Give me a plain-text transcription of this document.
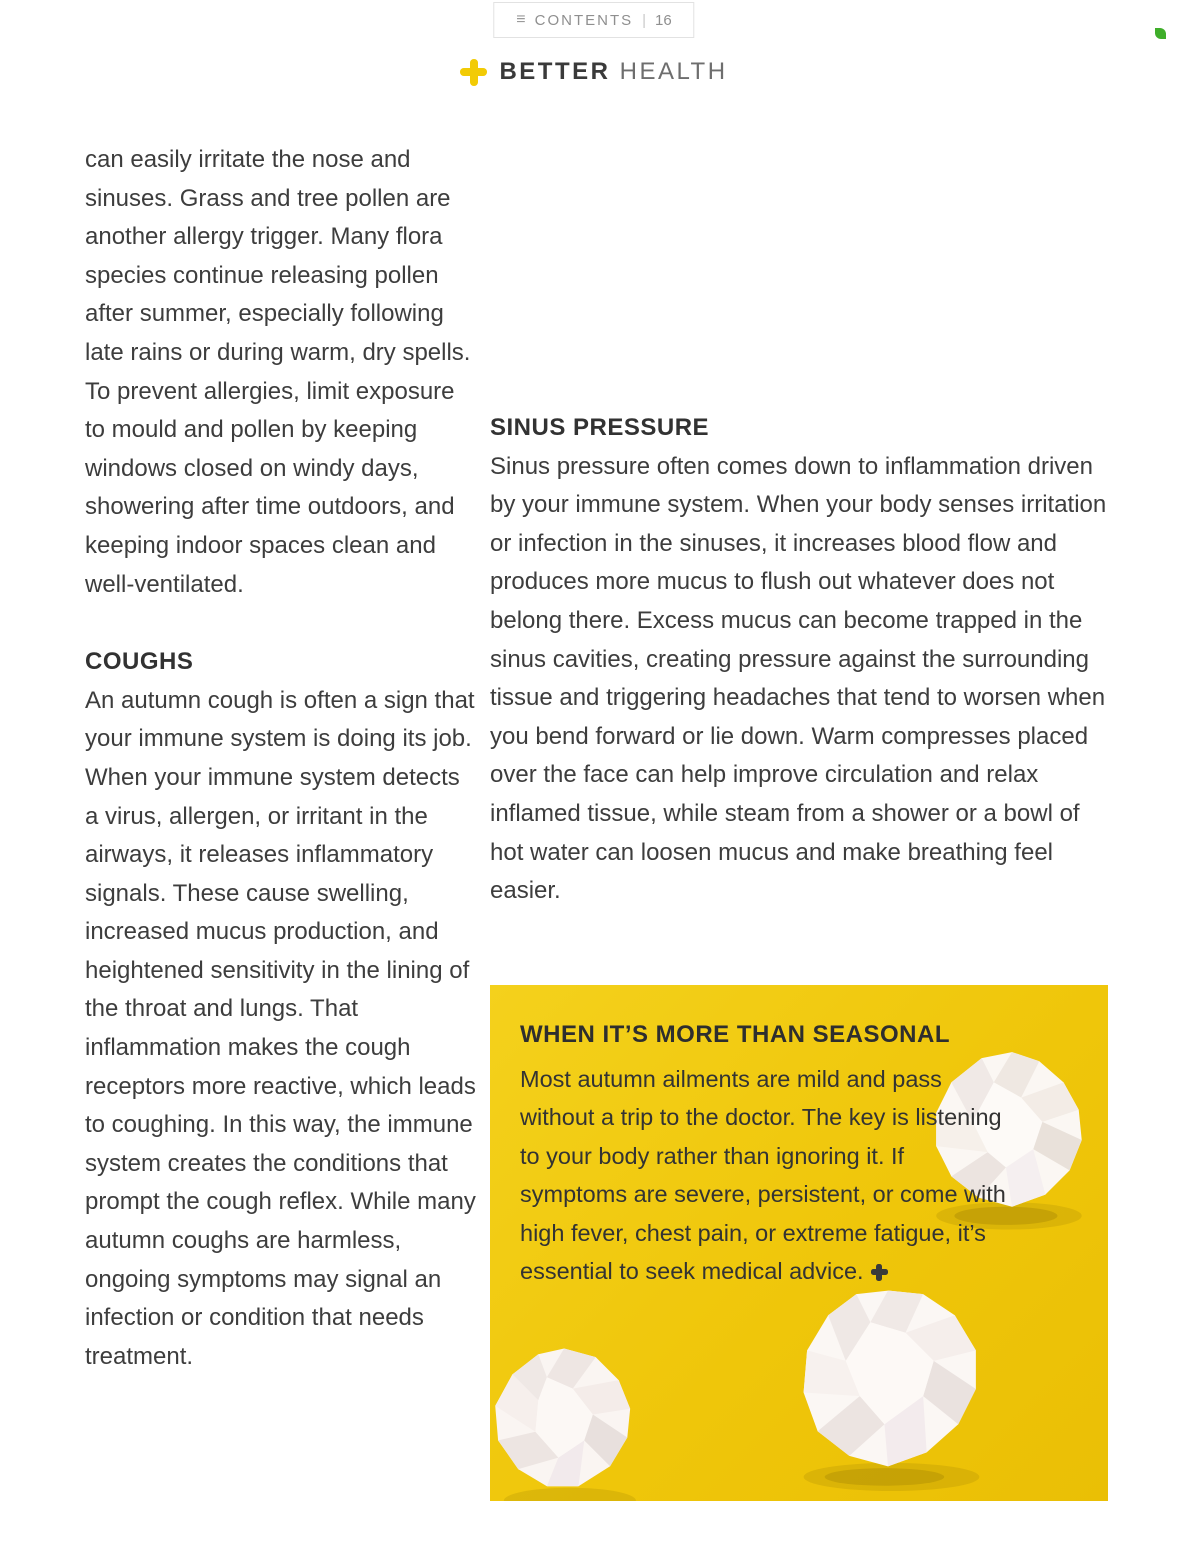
≡ CONTENTS | 16
BETTER HEALTH

can easily irritate the nose and sinuses. Grass and tree pollen are another allergy trigger. Many flora species continue releasing pollen after summer, especially following late rains or during warm, dry spells. To prevent allergies, limit exposure to mould and pollen by keeping windows closed on windy days, showering after time outdoors, and keeping indoor spaces clean and well-ventilated.

COUGHS

An autumn cough is often a sign that your immune system is doing its job. When your immune system detects a virus, allergen, or irritant in the airways, it releases inflammatory signals. These cause swelling, increased mucus production, and heightened sensitivity in the lining of the throat and lungs. That inflammation makes the cough receptors more reactive, which leads to coughing. In this way, the immune system creates the conditions that prompt the cough reflex. While many autumn coughs are harmless, ongoing symptoms may signal an infection or condition that needs treatment.

SINUS PRESSURE

Sinus pressure often comes down to inflammation driven by your immune system. When your body senses irritation or infection in the sinuses, it increases blood flow and produces more mucus to flush out whatever does not belong there. Excess mucus can become trapped in the sinus cavities, creating pressure against the surrounding tissue and triggering headaches that tend to worsen when you bend forward or lie down. Warm compresses placed over the face can help improve circulation and relax inflamed tissue, while steam from a shower or a bowl of hot water can loosen mucus and make breathing feel easier.

WHEN IT’S MORE THAN SEASONAL
Most autumn ailments are mild and pass without a trip to the doctor. The key is listening to your body rather than ignoring it. If symptoms are severe, persistent, or come with high fever, chest pain, or extreme fatigue, it’s essential to seek medical advice.
